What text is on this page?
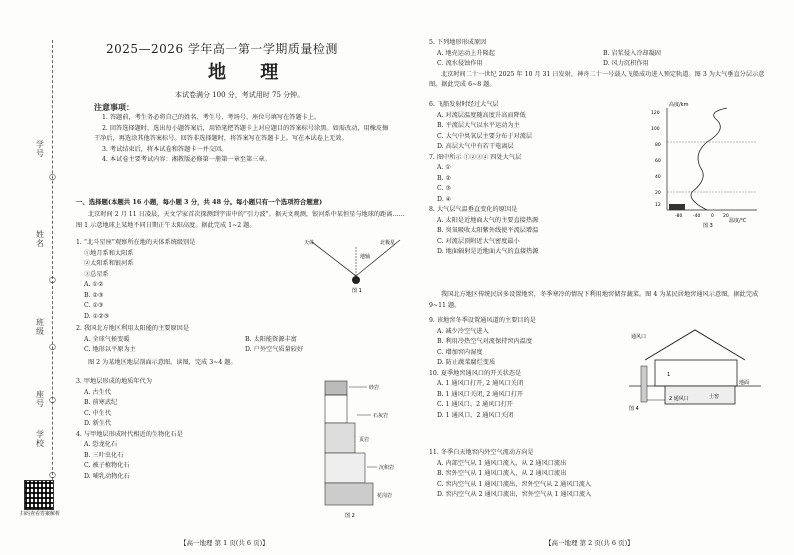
学号
姓名
班级
座号
学校
○
○
○
○
○
扫码查看答案解析
2025—2026 学年高一第一学期质量检测
地 理
本试卷满分 100 分，考试用时 75 分钟。
注意事项：

1. 答题前，考生务必将自己的姓名、考生号、考场号、座位号填写在答题卡上。

2. 回答选择题时，选出每小题答案后，用铅笔把答题卡上对应题目的答案标号涂黑。如需改动，用橡皮擦干净后，再选涂其他答案标号。回答非选择题时，将答案写在答题卡上。写在本试卷上无效。

3. 考试结束后，将本试卷和答题卡一并交回。

4. 本试卷主要考试内容：湘教版必修第一册第一章至第三章。

一、选择题(本题共 16 小题，每小题 3 分，共 48 分。每小题只有一个选项符合题意)

北京时间 2 月 11 日凌晨，天文学家首次探测到宇宙中的“引力波”。据天文观测，银河系中某恒星与地球的距离……图 1 示意地球上某地不同日期正午太阳高度。据此完成 1~2 题。

1. “北斗星座”观察所在地的天体系统级别是

①地月系和太阳系

②太阳系和银河系

③总星系

A. ①②

B. ②③

C. ①③

D. ①②③

天体	北极星
地轴
图 1

2. 我国北方地区利用太阳能的主要原因是

A. 全球气候变暖	B. 太阳能资源丰富
C. 地形以平原为主	D. 户外空气质量较好

图 2 为某地区地层剖面示意图。读图，完成 3~4 题。

3. 甲地层形成的地质年代为

A. 古生代

B. 前寒武纪

C. 中生代

D. 新生代

4. 与甲地层形成时代相近的生物化石是

A. 恐龙化石

B. 三叶虫化石

C. 被子植物化石

D. 哺乳动物化石

砂岩
石灰岩
页岩
沉积岩
花岗岩
图 2
【高一地理 第 1 页(共 6 页)】

5. 下列地形形成原因

A. 地壳运动上升隆起	B. 岩浆侵入冷却凝固
C. 流水侵蚀作用	D. 风力沉积作用

北京时间二十一世纪 2025 年 10 月 31 日发射，神舟二十一号载人飞船成功进入预定轨道。图 3 为大气垂直分层示意图。据此完成 6~8 题。

6. 飞船发射时经过大气层

A. 对流层温度随高度升高而降低

B. 平流层大气以水平运动为主

C. 大气中臭氧层主要分布于对流层

D. 高层大气中有若干电离层

7. 图中所示 ①②③④ 四处大气层

A. ①

B. ②

C. ③

D. ④

8. 大气层气温垂直变化的原因是

A. 太阳是近地面大气的主要直接热源

B. 臭氧吸收太阳紫外线使平流层增温

C. 对流层顶附近大气密度最小

D. 地面辐射是近地面大气的直接热源

高度/km
温度/℃
120
100
80
60
40
20
12
-80 -40 0 20
图 3

我国北方地区传统民居多设置地窖，冬季寒冷的情况下利用地窖储存蔬菜。图 4 为某民居地窖通风示意图。据此完成 9~11 题。

9. 该地窖冬季设置通风道的主要目的是

A. 减少冷空气进入

B. 利用冷热空气对流保持窖内温度

C. 增加窖内湿度

D. 防止蔬菜腐烂变质

10. 夏季地窖通风口的开关状态是

A. 1 通风口打开, 2 通风口关闭

B. 1 通风口关闭, 2 通风口打开

C. 1 通风口、2 通风口打开

D. 1 通风口、2 通风口关闭

通风口
1
2 通风口	土窖
地面
图 4

11. 冬季白天地窖内外空气流动方向是

A. 内部空气从 1 通风口流入，从 2 通风口流出

B. 窖外空气从 1 通风口流入，从 2 通风口流出

C. 窖内空气从 1 通风口流出，窖外空气从 2 通风口流入

D. 窖内空气从 2 通风口流出，窖外空气从 1 通风口流入

【高一地理 第 2 页(共 6 页)】
